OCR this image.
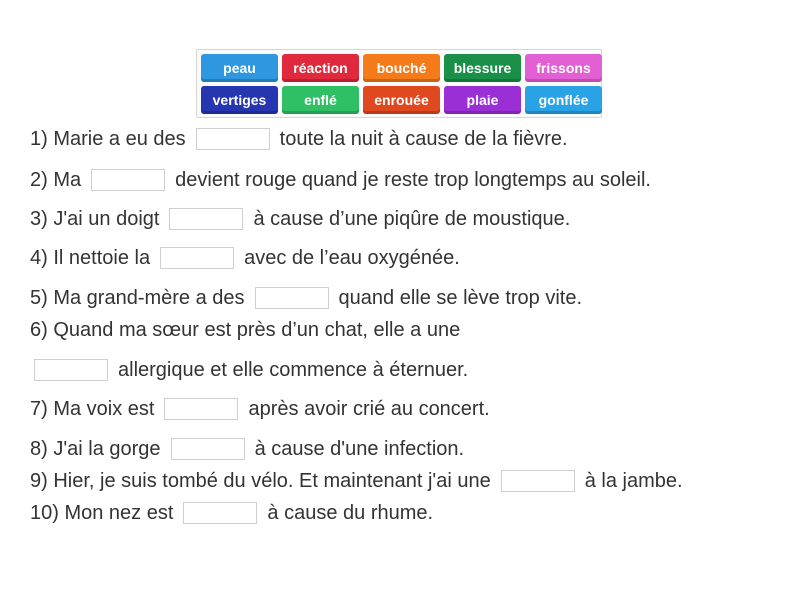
peau	réaction	bouché	blessure	frissons
vertiges	enflé	enrouée	plaie	gonflée
1) Marie a eu des	toute la nuit à cause de la fièvre.
2) Ma	devient rouge quand je reste trop longtemps au soleil.
3) J'ai un doigt	à cause d’une piqûre de moustique.
4) Il nettoie la	avec de l’eau oxygénée.
5) Ma grand-mère a des	quand elle se lève trop vite.
6) Quand ma sœur est près d’un chat, elle a une
allergique et elle commence à éternuer.
7) Ma voix est	après avoir crié au concert.
8) J'ai la gorge	à cause d'une infection.
9) Hier, je suis tombé du vélo. Et maintenant j'ai une	à la jambe.
10) Mon nez est	à cause du rhume.
